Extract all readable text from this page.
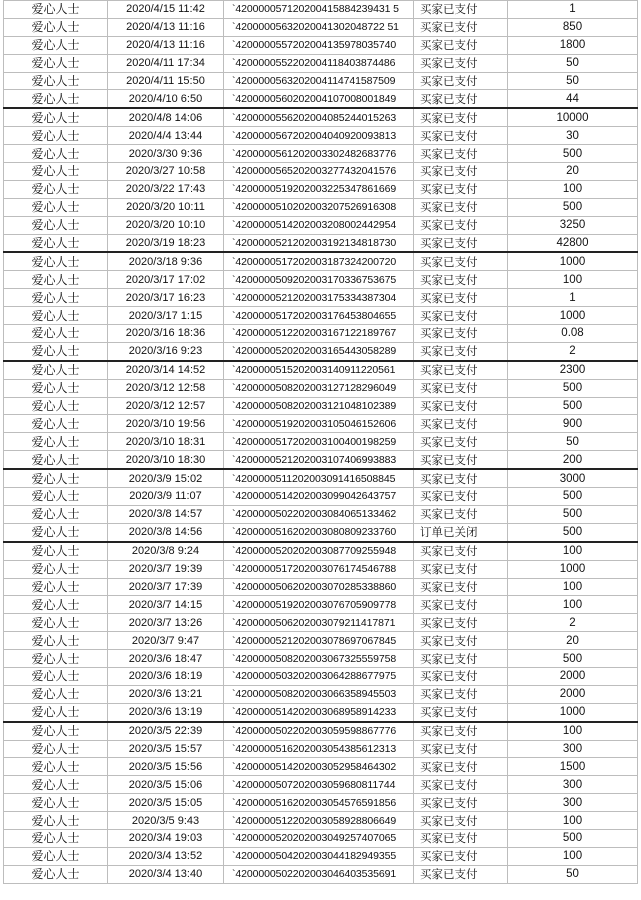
爱心人士	2020/4/15 11:42	`420000057120200415884239431 5	买家已支付	1
爱心人士	2020/4/13 11:16	`42000005632020041302048722 51	买家已支付	850
爱心人士	2020/4/13 11:16	`4200000557202004135978035740	买家已支付	1800
爱心人士	2020/4/11 17:34	`4200000552202004118403874486	买家已支付	50
爱心人士	2020/4/11 15:50	`4200000563202004114741587509	买家已支付	50
爱心人士	2020/4/10 6:50	`4200000560202004107008001849	买家已支付	44
爱心人士	2020/4/8 14:06	`4200000556202004085244015263	买家已支付	10000
爱心人士	2020/4/4 13:44	`4200000567202004040920093813	买家已支付	30
爱心人士	2020/3/30 9:36	`4200000561202003302482683776	买家已支付	500
爱心人士	2020/3/27 10:58	`4200000565202003277432041576	买家已支付	20
爱心人士	2020/3/22 17:43	`4200000519202003225347861669	买家已支付	100
爱心人士	2020/3/20 10:11	`4200000510202003207526916308	买家已支付	500
爱心人士	2020/3/20 10:10	`4200000514202003208002442954	买家已支付	3250
爱心人士	2020/3/19 18:23	`4200000521202003192134818730	买家已支付	42800
爱心人士	2020/3/18 9:36	`4200000517202003187324200720	买家已支付	1000
爱心人士	2020/3/17 17:02	`4200000509202003170336753675	买家已支付	100
爱心人士	2020/3/17 16:23	`4200000521202003175334387304	买家已支付	1
爱心人士	2020/3/17 1:15	`4200000517202003176453804655	买家已支付	1000
爱心人士	2020/3/16 18:36	`4200000512202003167122189767	买家已支付	0.08
爱心人士	2020/3/16 9:23	`4200000520202003165443058289	买家已支付	2
爱心人士	2020/3/14 14:52	`4200000515202003140911220561	买家已支付	2300
爱心人士	2020/3/12 12:58	`4200000508202003127128296049	买家已支付	500
爱心人士	2020/3/12 12:57	`4200000508202003121048102389	买家已支付	500
爱心人士	2020/3/10 19:56	`4200000519202003105046152606	买家已支付	900
爱心人士	2020/3/10 18:31	`4200000517202003100400198259	买家已支付	50
爱心人士	2020/3/10 18:30	`4200000521202003107406993883	买家已支付	200
爱心人士	2020/3/9 15:02	`4200000511202003091416508845	买家已支付	3000
爱心人士	2020/3/9 11:07	`4200000514202003099042643757	买家已支付	500
爱心人士	2020/3/8 14:57	`4200000502202003084065133462	买家已支付	500
爱心人士	2020/3/8 14:56	`4200000516202003080809233760	订单已关闭	500
爱心人士	2020/3/8 9:24	`4200000520202003087709255948	买家已支付	100
爱心人士	2020/3/7 19:39	`4200000517202003076174546788	买家已支付	1000
爱心人士	2020/3/7 17:39	`4200000506202003070285338860	买家已支付	100
爱心人士	2020/3/7 14:15	`4200000519202003076705909778	买家已支付	100
爱心人士	2020/3/7 13:26	`4200000506202003079211417871	买家已支付	2
爱心人士	2020/3/7 9:47	`4200000521202003078697067845	买家已支付	20
爱心人士	2020/3/6 18:47	`4200000508202003067325559758	买家已支付	500
爱心人士	2020/3/6 18:19	`4200000503202003064288677975	买家已支付	2000
爱心人士	2020/3/6 13:21	`4200000508202003066358945503	买家已支付	2000
爱心人士	2020/3/6 13:19	`4200000514202003068958914233	买家已支付	1000
爱心人士	2020/3/5 22:39	`4200000502202003059598867776	买家已支付	100
爱心人士	2020/3/5 15:57	`4200000516202003054385612313	买家已支付	300
爱心人士	2020/3/5 15:56	`4200000514202003052958464302	买家已支付	1500
爱心人士	2020/3/5 15:06	`4200000507202003059680811744	买家已支付	300
爱心人士	2020/3/5 15:05	`4200000516202003054576591856	买家已支付	300
爱心人士	2020/3/5 9:43	`4200000512202003058928806649	买家已支付	100
爱心人士	2020/3/4 19:03	`4200000520202003049257407065	买家已支付	500
爱心人士	2020/3/4 13:52	`4200000504202003044182949355	买家已支付	100
爱心人士	2020/3/4 13:40	`4200000502202003046403535691	买家已支付	50
